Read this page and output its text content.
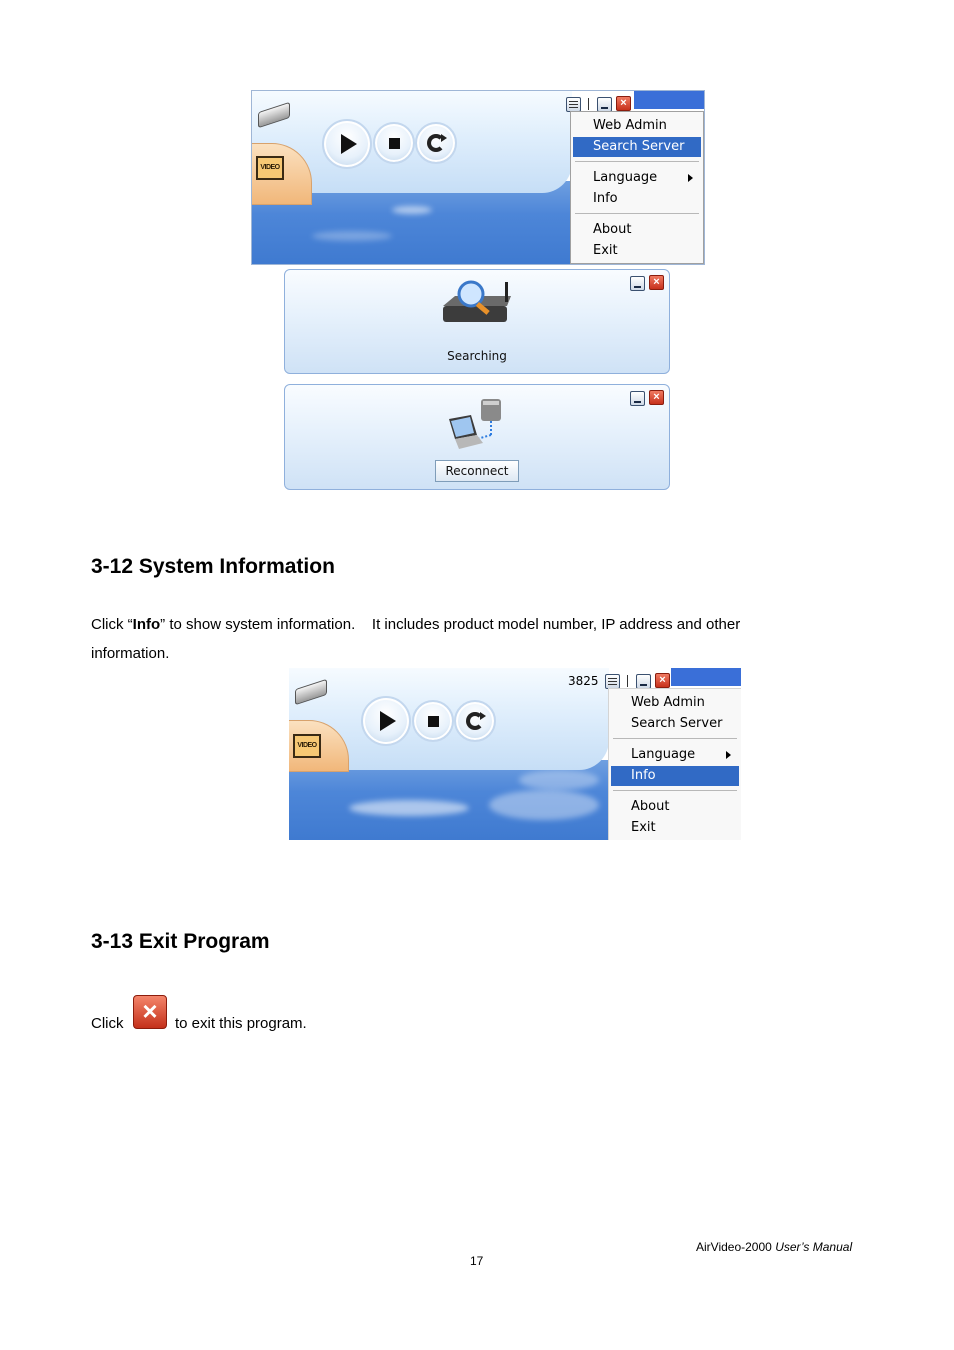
VIDEO
×
Web Admin
Search Server
Language
Info
About
Exit
Searching
×
Reconnect
×
3-12 System Information
Click “Info” to show system information.    It includes product model number, IP address and other
information.
VIDEO
3825	×
Web Admin
Search Server
Language
Info
About
Exit
3-13 Exit Program
Click ×	to exit this program.
AirVideo-2000 User’s Manual
17
